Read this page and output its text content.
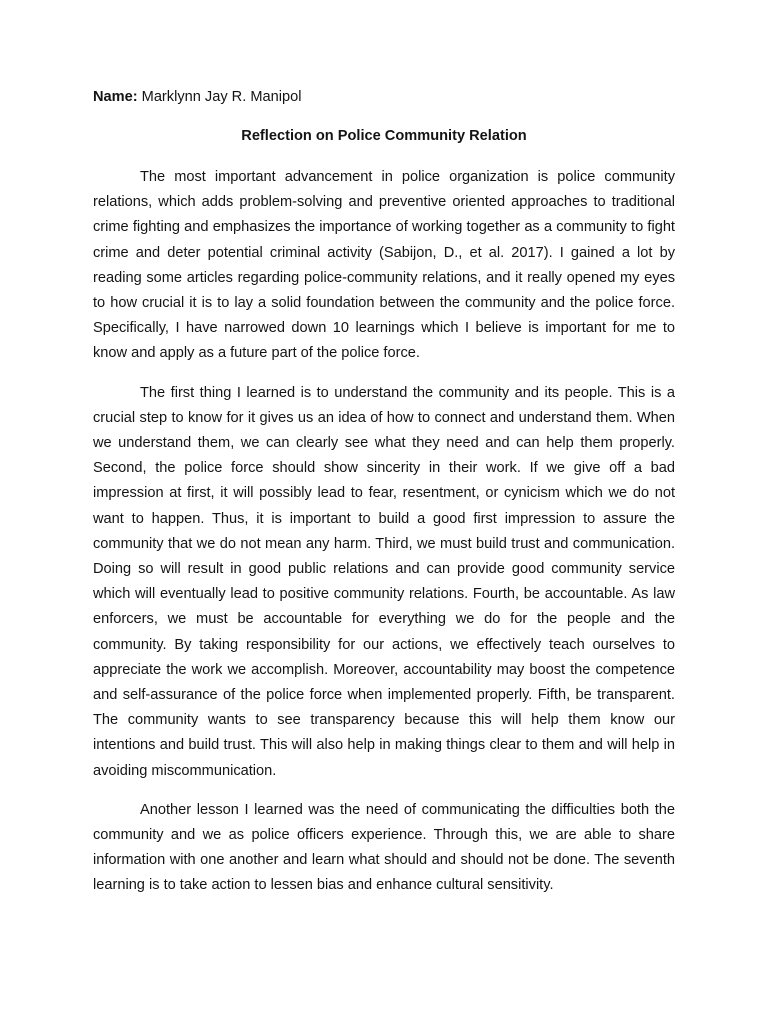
Name: Marklynn Jay R. Manipol
Reflection on Police Community Relation

The most important advancement in police organization is police community relations, which adds problem-solving and preventive oriented approaches to traditional crime fighting and emphasizes the importance of working together as a community to fight crime and deter potential criminal activity (Sabijon, D., et al. 2017). I gained a lot by reading some articles regarding police-community relations, and it really opened my eyes to how crucial it is to lay a solid foundation between the community and the police force. Specifically, I have narrowed down 10 learnings which I believe is important for me to know and apply as a future part of the police force.

The first thing I learned is to understand the community and its people. This is a crucial step to know for it gives us an idea of how to connect and understand them. When we understand them, we can clearly see what they need and can help them properly. Second, the police force should show sincerity in their work. If we give off a bad impression at first, it will possibly lead to fear, resentment, or cynicism which we do not want to happen. Thus, it is important to build a good first impression to assure the community that we do not mean any harm. Third, we must build trust and communication. Doing so will result in good public relations and can provide good community service which will eventually lead to positive community relations. Fourth, be accountable. As law enforcers, we must be accountable for everything we do for the people and the community. By taking responsibility for our actions, we effectively teach ourselves to appreciate the work we accomplish. Moreover, accountability may boost the competence and self-assurance of the police force when implemented properly. Fifth, be transparent. The community wants to see transparency because this will help them know our intentions and build trust. This will also help in making things clear to them and will help in avoiding miscommunication.

Another lesson I learned was the need of communicating the difficulties both the community and we as police officers experience. Through this, we are able to share information with one another and learn what should and should not be done. The seventh learning is to take action to lessen bias and enhance cultural sensitivity.
